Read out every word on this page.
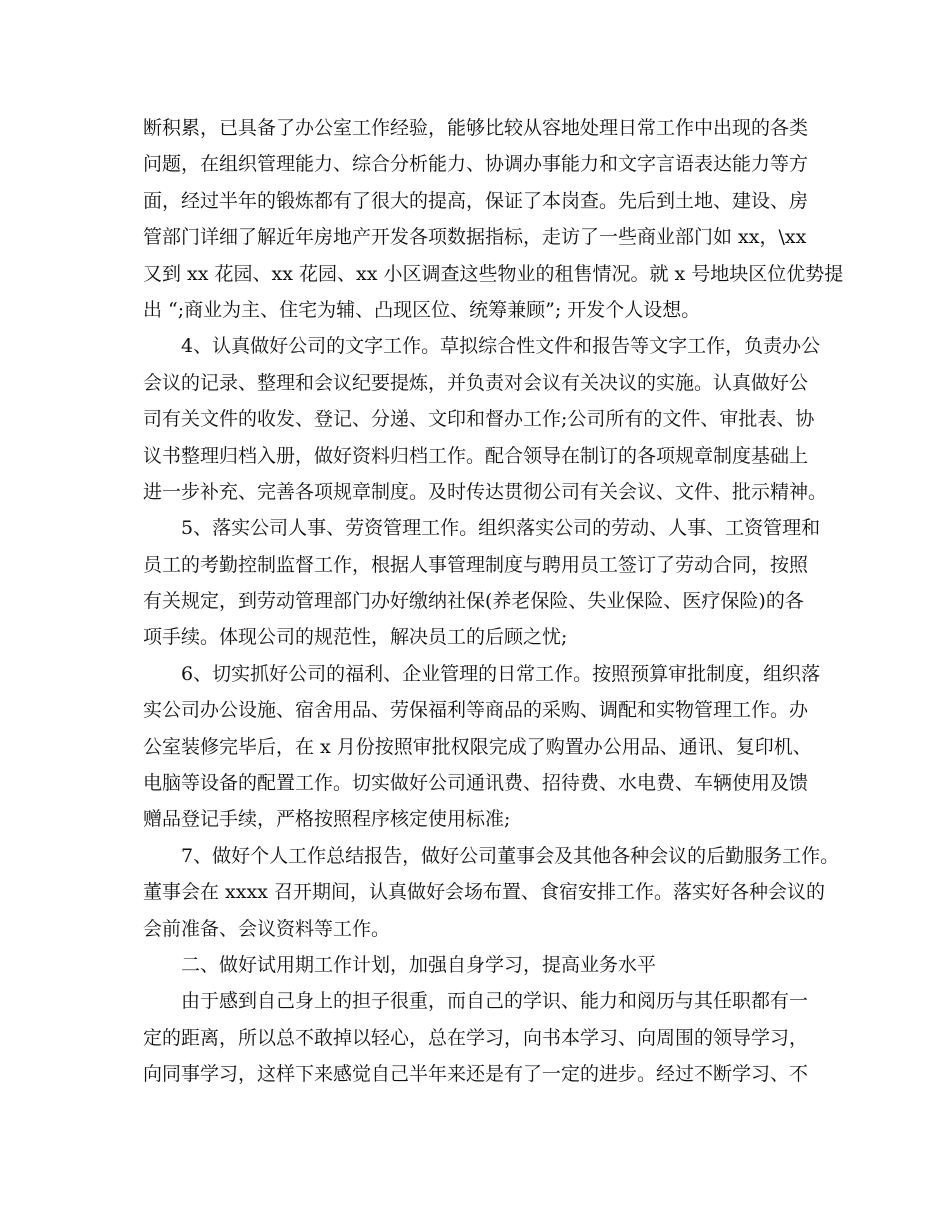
断积累，已具备了办公室工作经验，能够比较从容地处理日常工作中出现的各类
问题，在组织管理能力、综合分析能力、协调办事能力和文字言语表达能力等方
面，经过半年的锻炼都有了很大的提高，保证了本岗查。先后到土地、建设、房
管部门详细了解近年房地产开发各项数据指标，走访了一些商业部门如 xx，\xx
又到 xx 花园、xx 花园、xx 小区调查这些物业的租售情况。就 x 号地块区位优势提
出 “;商业为主、住宅为辅、凸现区位、统筹兼顾”; 开发个人设想。
4、认真做好公司的文字工作。草拟综合性文件和报告等文字工作，负责办公
会议的记录、整理和会议纪要提炼，并负责对会议有关决议的实施。认真做好公
司有关文件的收发、登记、分递、文印和督办工作;公司所有的文件、审批表、协
议书整理归档入册，做好资料归档工作。配合领导在制订的各项规章制度基础上
进一步补充、完善各项规章制度。及时传达贯彻公司有关会议、文件、批示精神。
5、落实公司人事、劳资管理工作。组织落实公司的劳动、人事、工资管理和
员工的考勤控制监督工作，根据人事管理制度与聘用员工签订了劳动合同，按照
有关规定，到劳动管理部门办好缴纳社保(养老保险、失业保险、医疗保险)的各
项手续。体现公司的规范性，解决员工的后顾之忧;
6、切实抓好公司的福利、企业管理的日常工作。按照预算审批制度，组织落
实公司办公设施、宿舍用品、劳保福利等商品的采购、调配和实物管理工作。办
公室装修完毕后，在 x 月份按照审批权限完成了购置办公用品、通讯、复印机、
电脑等设备的配置工作。切实做好公司通讯费、招待费、水电费、车辆使用及馈
赠品登记手续，严格按照程序核定使用标准;
7、做好个人工作总结报告，做好公司董事会及其他各种会议的后勤服务工作。
董事会在 xxxx 召开期间，认真做好会场布置、食宿安排工作。落实好各种会议的
会前准备、会议资料等工作。
二、做好试用期工作计划，加强自身学习，提高业务水平
由于感到自己身上的担子很重，而自己的学识、能力和阅历与其任职都有一
定的距离，所以总不敢掉以轻心，总在学习，向书本学习、向周围的领导学习，
向同事学习，这样下来感觉自己半年来还是有了一定的进步。经过不断学习、不
